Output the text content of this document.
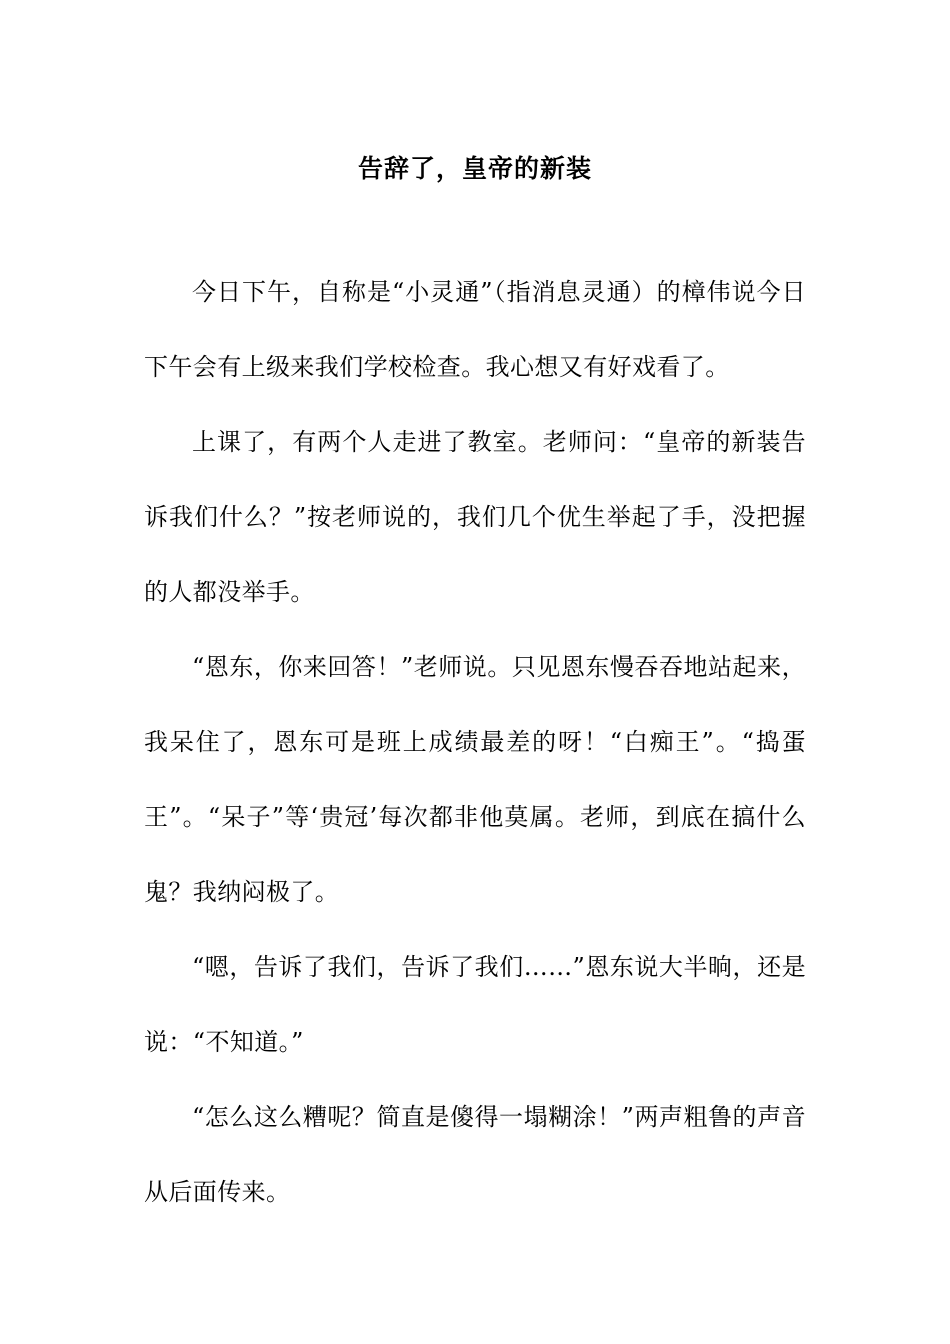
告辞了，皇帝的新装

今日下午，自称是“小灵通”（指消息灵通）的樟伟说今日下午会有上级来我们学校检查。我心想又有好戏看了。

上课了，有两个人走进了教室。老师问：“皇帝的新装告诉我们什么？”按老师说的，我们几个优生举起了手，没把握的人都没举手。

“恩东，你来回答！”老师说。只见恩东慢吞吞地站起来，我呆住了，恩东可是班上成绩最差的呀！“白痴王”。“捣蛋王”。“呆子”等‘贵冠’每次都非他莫属。老师，到底在搞什么鬼？我纳闷极了。

“嗯，告诉了我们，告诉了我们……”恩东说大半晌，还是说：“不知道。”

“怎么这么糟呢？简直是傻得一塌糊涂！”两声粗鲁的声音从后面传来。
